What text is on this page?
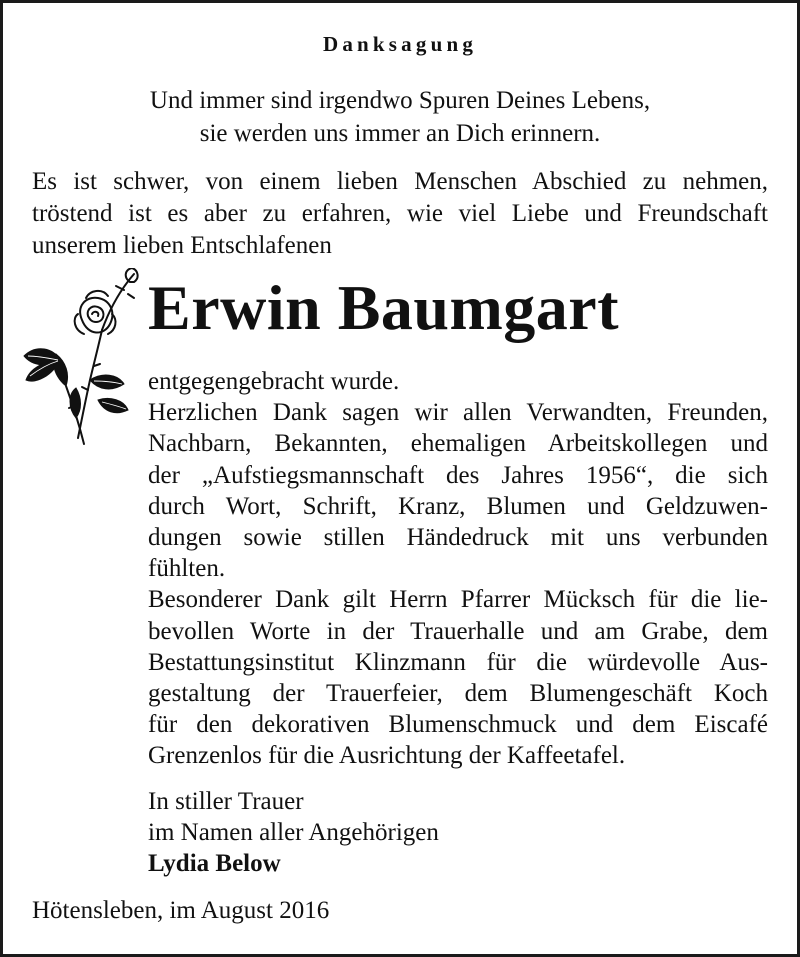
Danksagung
Und immer sind irgendwo Spuren Deines Lebens,
sie werden uns immer an Dich erinnern.
Es ist schwer, von einem lieben Menschen Abschied zu nehmen,
tröstend ist es aber zu erfahren, wie viel Liebe und Freundschaft
unserem lieben Entschlafenen
Erwin Baumgart
entgegengebracht wurde.
Herzlichen Dank sagen wir allen Verwandten, Freunden,
Nachbarn, Bekannten, ehemaligen Arbeitskollegen und
der „Aufstiegsmannschaft des Jahres 1956“, die sich
durch Wort, Schrift, Kranz, Blumen und Geldzuwen-
dungen sowie stillen Händedruck mit uns verbunden
fühlten.
Besonderer Dank gilt Herrn Pfarrer Mücksch für die lie-
bevollen Worte in der Trauerhalle und am Grabe, dem
Bestattungsinstitut Klinzmann für die würdevolle Aus-
gestaltung der Trauerfeier, dem Blumengeschäft Koch
für den dekorativen Blumenschmuck und dem Eiscafé
Grenzenlos für die Ausrichtung der Kaffeetafel.
In stiller Trauer
im Namen aller Angehörigen
Lydia Below
Hötensleben, im August 2016
